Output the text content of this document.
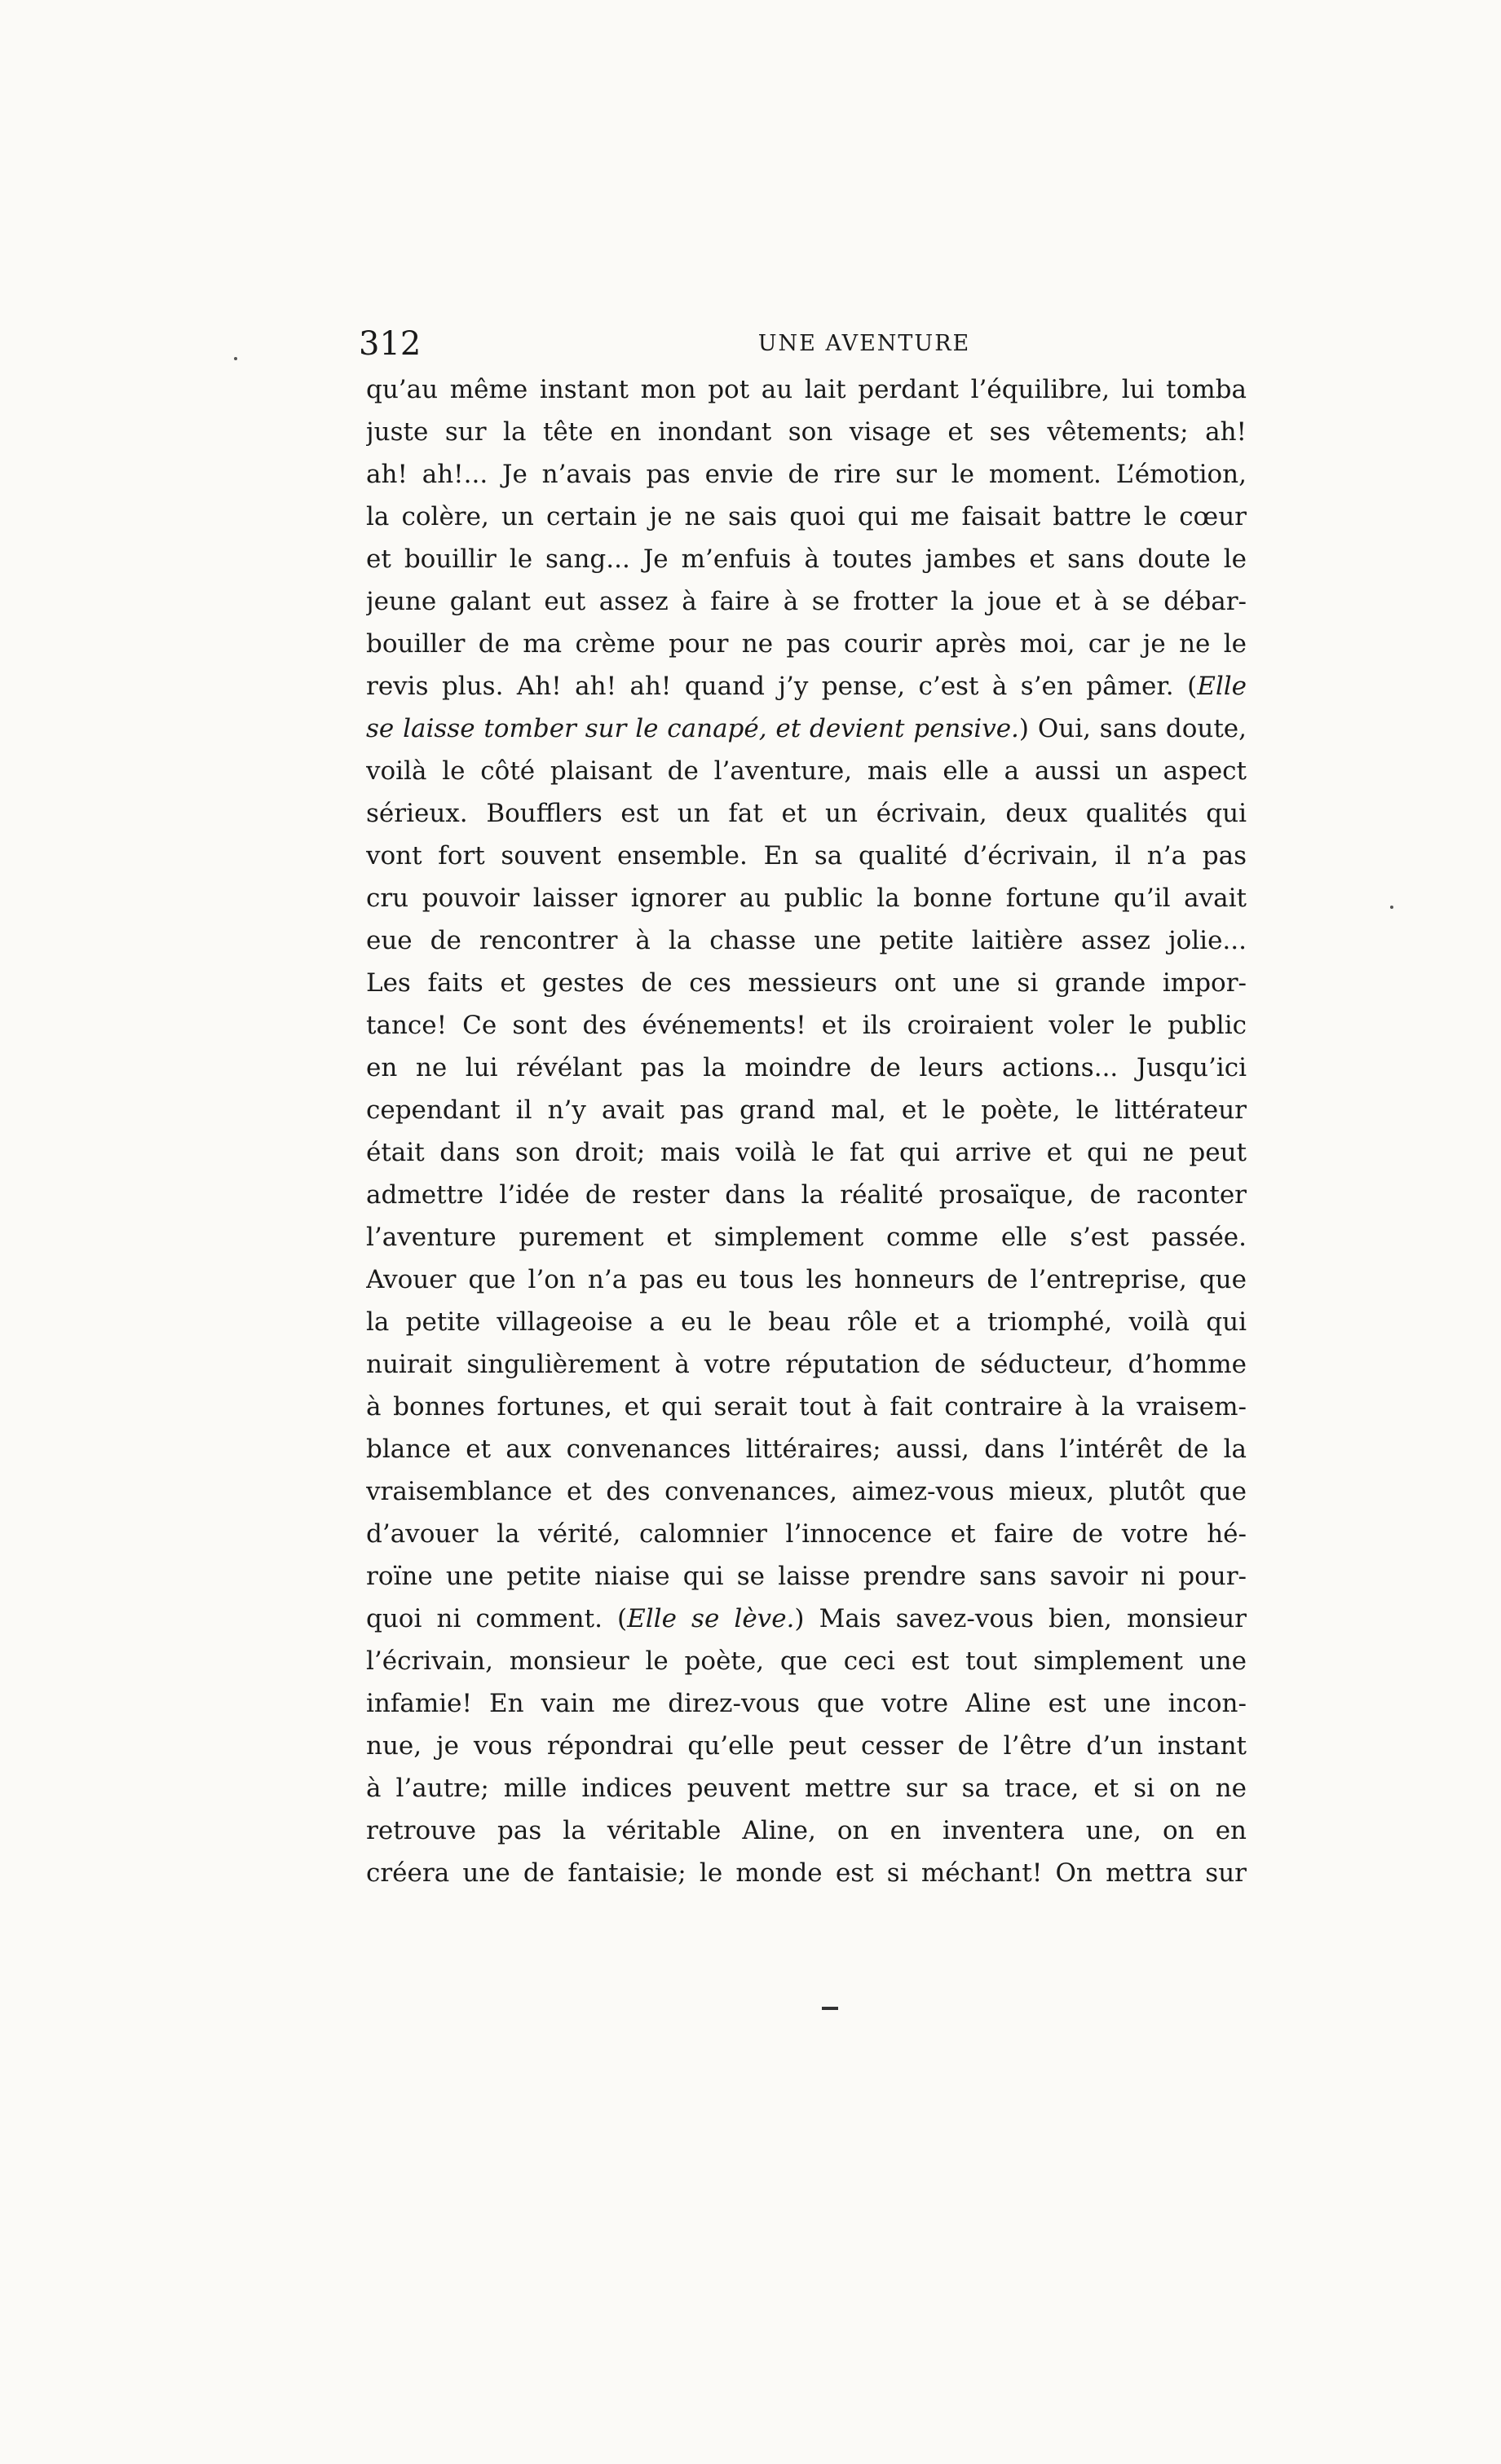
312	UNE AVENTURE
qu’au même instant mon pot au lait perdant l’équilibre, lui tomba
juste sur la tête en inondant son visage et ses vêtements; ah!
ah! ah!... Je n’avais pas envie de rire sur le moment. L’émotion,
la colère, un certain je ne sais quoi qui me faisait battre le cœur
et bouillir le sang... Je m’enfuis à toutes jambes et sans doute le
jeune galant eut assez à faire à se frotter la joue et à se débar-
bouiller de ma crème pour ne pas courir après moi, car je ne le
revis plus. Ah! ah! ah! quand j’y pense, c’est à s’en pâmer. (Elle
se laisse tomber sur le canapé, et devient pensive.) Oui, sans doute,
voilà le côté plaisant de l’aventure, mais elle a aussi un aspect
sérieux. Boufflers est un fat et un écrivain, deux qualités qui
vont fort souvent ensemble. En sa qualité d’écrivain, il n’a pas
cru pouvoir laisser ignorer au public la bonne fortune qu’il avait
eue de rencontrer à la chasse une petite laitière assez jolie...
Les faits et gestes de ces messieurs ont une si grande impor-
tance! Ce sont des événements! et ils croiraient voler le public
en ne lui révélant pas la moindre de leurs actions... Jusqu’ici
cependant il n’y avait pas grand mal, et le poète, le littérateur
était dans son droit; mais voilà le fat qui arrive et qui ne peut
admettre l’idée de rester dans la réalité prosaïque, de raconter
l’aventure purement et simplement comme elle s’est passée.
Avouer que l’on n’a pas eu tous les honneurs de l’entreprise, que
la petite villageoise a eu le beau rôle et a triomphé, voilà qui
nuirait singulièrement à votre réputation de séducteur, d’homme
à bonnes fortunes, et qui serait tout à fait contraire à la vraisem-
blance et aux convenances littéraires; aussi, dans l’intérêt de la
vraisemblance et des convenances, aimez-vous mieux, plutôt que
d’avouer la vérité, calomnier l’innocence et faire de votre hé-
roïne une petite niaise qui se laisse prendre sans savoir ni pour-
quoi ni comment. (Elle se lève.) Mais savez-vous bien, monsieur
l’écrivain, monsieur le poète, que ceci est tout simplement une
infamie! En vain me direz-vous que votre Aline est une incon-
nue, je vous répondrai qu’elle peut cesser de l’être d’un instant
à l’autre; mille indices peuvent mettre sur sa trace, et si on ne
retrouve pas la véritable Aline, on en inventera une, on en
créera une de fantaisie; le monde est si méchant! On mettra sur
